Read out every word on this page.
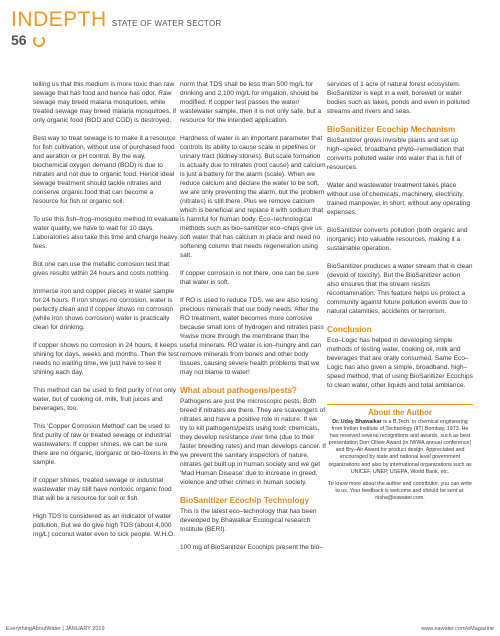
INDEPTH STATE OF WATER SECTOR
56

telling us that this medium is more toxic than raw sewage that has food and hence has odor. Raw sewage may breed malaria mosquitoes, while treated sewage may breed malaria mosquitoes, if only organic food (BOD and COD) is destroyed.

Best way to treat sewage is to make it a resource for fish cultivation, without use of purchased food and aeration or pH control. By the way, biochemical oxygen demand (BOD) is due to nitrates and not due to organic food. Hence ideal sewage treatment should tackle nitrates and conserve organic food that can become a resource for fish or organic soil.

To use this fish–frog–mosquito method to evaluate water quality, we have to wait for 10 days. Laboratories also take this time and charge heavy fees.

But one can use the metallic corrosion test that gives results within 24 hours and costs nothing.

Immerse iron and copper pieces in water sample for 24 hours. If iron shows no corrosion, water is perfectly clean and if copper shows no corrosion (while iron shows corrosion) water is practically clean for drinking.

If copper shows no corrosion in 24 hours, it keeps shining for days, weeks and months. Then the test needs no waiting time, we just have to see it shining each day.

This method can be used to find purity of not only water, but of cooking oil, milk, fruit juices and beverages, too.

This 'Copper Corrosion Method' can be used to find purity of raw or treated sewage or industrial wastewaters. If copper shines, we can be sure there are no organic, inorganic or bio–toxins in the sample.

If copper shines, treated sewage or industrial wastewater may still have nontoxic organic food that will be a resource for soil or fish.

High TDS is considered as an indicator of water pollution. But we do give high TDS (about 4,000 mg/L) coconut water even to sick people. W.H.O.

norm that TDS shall be less than 500 mg/L for drinking and 2,100 mg/L for irrigation, should be modified. If copper test passes the water/ wastewater sample, then it is not only safe, but a resource for the intended application.

Hardness of water is an important parameter that controls its ability to cause scale in pipelines or urinary tract (kidney stones). But scale formation is actually due to nitrates (root cause) and calcium is just a battery for the alarm (scale). When we reduce calcium and declare the water to be soft, we are only preventing the alarm, but the problem (nitrates) is still there. Plus we remove calcium which is beneficial and replace it with sodium that is harmful for human body. Eco–technological methods such as bio–sanitizer eco–chips give us soft water that has calcium in place and need no softening column that needs regeneration using salt.

If copper corrosion is not there, one can be sure that water is soft.

If RO is used to reduce TDS, we are also losing precious minerals that our body needs. After the RO treatment, water becomes more corrosive because small ions of hydrogen and nitrates pass %wise more through the membrane than the useful minerals. RO water is ion–hungry and can remove minerals from bones and other body tissues, causing severe health problems that we may not blame to water!

What about pathogens/pests?

Pathogens are just the microscopic pests. Both breed if nitrates are there. They are scavengers of nitrates and have a positive role in nature. If we try to kill pathogens/pests using toxic chemicals, they develop resistance over time (due to their faster breeding rates) and man develops cancer. If we prevent the sanitary inspectors of nature, nitrates get built up in human society and we get 'Mad Human Disease' due to increase in greed, violence and other crimes in human society.

BioSanitizer Ecochip Technology

This is the latest eco–technology that has been developed by Bhawalkar Ecological research Institute (BERI).

100 mg of BioSanitizer Ecochips present the bio–

services of 1 acre of natural forest ecosystem. BioSanitizer is kept in a well, borewell or water bodies such as lakes, ponds and even in polluted streams and rivers and seas.

BioSanitizer Ecochip Mechanism

BioSanitizer grows invisible plants and set up high–speed, broadband phyto–remediation that converts polluted water into water that is full of resources.

Water and wastewater treatment takes place without use of chemicals, machinery, electricity, trained manpower, in short, without any operating expenses.

BioSanitizer converts pollution (both organic and inorganic) into valuable resources, making it a sustainable operation.

BioSanitizer produces a water stream that is clean (devoid of toxicity). But the BioSanitizer action also ensures that the stream resists recontamination. This feature helps us protect a community against future pollution events due to natural calamities, accidents or terrorism.

Conclusion

Eco–Logic has helped in developing simple methods of testing water, cooking oil, milk and beverages that are orally consumed. Same Eco–Logic has also given a simple, broadband, high–speed method, that of using BioSanitizer Ecochips to clean water, other liquids and total ambiance.

About the Author

Dr. Uday Bhawalkar is a B.Tech. in chemical engineering from Indian Institute of Technology (IIT) Bombay, 1973. He has received several recognitions and awards, such as best presentation Dorr Oliver Award (in IWWA annual conference) and Bry–Air Award for product design. Appreciated and encouraged by state and national level government organizations and also by international organizations such as UNICEF, UNEP, USEPA, World Bank, etc.

To know more about the author and contributor, you can write to us. Your feedback is welcome and should be sent at: nisha@eawater.com.

EverythingAboutWater | JANUARY 2019	www.eawater.com/eMagazine
